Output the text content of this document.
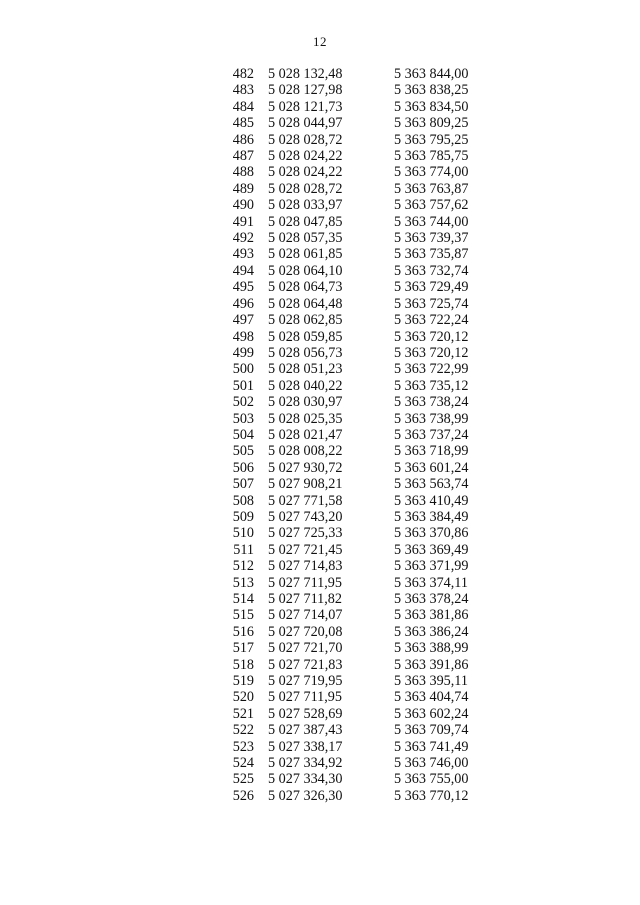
12
482	5 028 132,48	5 363 844,00
483	5 028 127,98	5 363 838,25
484	5 028 121,73	5 363 834,50
485	5 028 044,97	5 363 809,25
486	5 028 028,72	5 363 795,25
487	5 028 024,22	5 363 785,75
488	5 028 024,22	5 363 774,00
489	5 028 028,72	5 363 763,87
490	5 028 033,97	5 363 757,62
491	5 028 047,85	5 363 744,00
492	5 028 057,35	5 363 739,37
493	5 028 061,85	5 363 735,87
494	5 028 064,10	5 363 732,74
495	5 028 064,73	5 363 729,49
496	5 028 064,48	5 363 725,74
497	5 028 062,85	5 363 722,24
498	5 028 059,85	5 363 720,12
499	5 028 056,73	5 363 720,12
500	5 028 051,23	5 363 722,99
501	5 028 040,22	5 363 735,12
502	5 028 030,97	5 363 738,24
503	5 028 025,35	5 363 738,99
504	5 028 021,47	5 363 737,24
505	5 028 008,22	5 363 718,99
506	5 027 930,72	5 363 601,24
507	5 027 908,21	5 363 563,74
508	5 027 771,58	5 363 410,49
509	5 027 743,20	5 363 384,49
510	5 027 725,33	5 363 370,86
511	5 027 721,45	5 363 369,49
512	5 027 714,83	5 363 371,99
513	5 027 711,95	5 363 374,11
514	5 027 711,82	5 363 378,24
515	5 027 714,07	5 363 381,86
516	5 027 720,08	5 363 386,24
517	5 027 721,70	5 363 388,99
518	5 027 721,83	5 363 391,86
519	5 027 719,95	5 363 395,11
520	5 027 711,95	5 363 404,74
521	5 027 528,69	5 363 602,24
522	5 027 387,43	5 363 709,74
523	5 027 338,17	5 363 741,49
524	5 027 334,92	5 363 746,00
525	5 027 334,30	5 363 755,00
526	5 027 326,30	5 363 770,12
